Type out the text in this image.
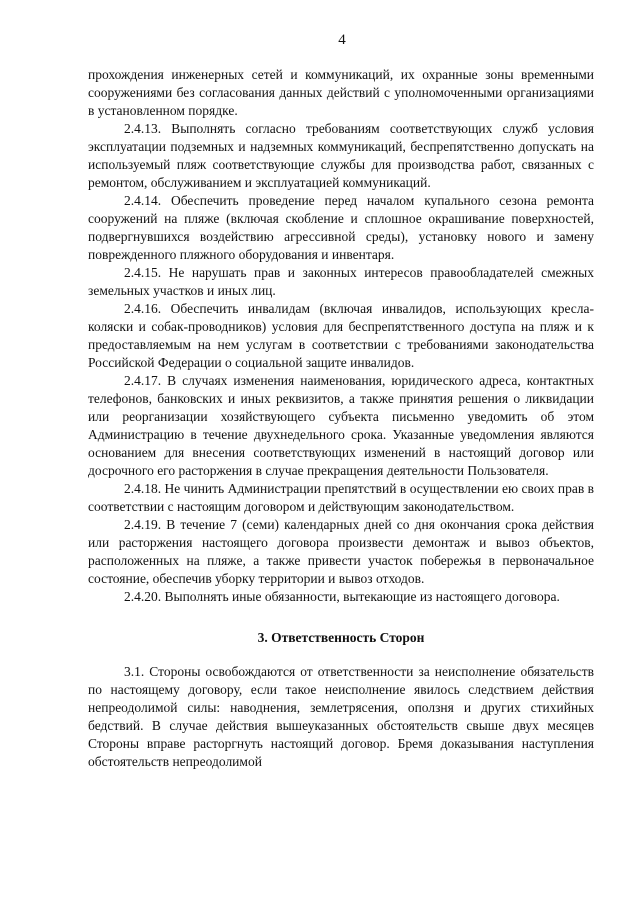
4

прохождения инженерных сетей и коммуникаций, их охранные зоны временными сооружениями без согласования данных действий с уполномоченными организациями в установленном порядке.

2.4.13. Выполнять согласно требованиям соответствующих служб условия эксплуатации подземных и надземных коммуникаций, беспрепятственно допускать на используемый пляж соответствующие службы для производства работ, связанных с ремонтом, обслуживанием и эксплуатацией коммуникаций.

2.4.14. Обеспечить проведение перед началом купального сезона ремонта сооружений на пляже (включая скобление и сплошное окрашивание поверхностей, подвергнувшихся воздействию агрессивной среды), установку нового и замену поврежденного пляжного оборудования и инвентаря.

2.4.15. Не нарушать прав и законных интересов правообладателей смежных земельных участков и иных лиц.

2.4.16. Обеспечить инвалидам (включая инвалидов, использующих кресла-коляски и собак-проводников) условия для беспрепятственного доступа на пляж и к предоставляемым на нем услугам в соответствии с требованиями законодательства Российской Федерации о социальной защите инвалидов.

2.4.17. В случаях изменения наименования, юридического адреса, контактных телефонов, банковских и иных реквизитов, а также принятия решения о ликвидации или реорганизации хозяйствующего субъекта письменно уведомить об этом Администрацию в течение двухнедельного срока. Указанные уведомления являются основанием для внесения соответствующих изменений в настоящий договор или досрочного его расторжения в случае прекращения деятельности Пользователя.

2.4.18. Не чинить Администрации препятствий в осуществлении ею своих прав в соответствии с настоящим договором и действующим законодательством.

2.4.19. В течение 7 (семи) календарных дней со дня окончания срока действия или расторжения настоящего договора произвести демонтаж и вывоз объектов, расположенных на пляже, а также привести участок побережья в первоначальное состояние, обеспечив уборку территории и вывоз отходов.

2.4.20. Выполнять иные обязанности, вытекающие из настоящего договора.

3. Ответственность Сторон

3.1. Стороны освобождаются от ответственности за неисполнение обязательств по настоящему договору, если такое неисполнение явилось следствием действия непреодолимой силы: наводнения, землетрясения, оползня и других стихийных бедствий. В случае действия вышеуказанных обстоятельств свыше двух месяцев Стороны вправе расторгнуть настоящий договор. Бремя доказывания наступления обстоятельств непреодолимой
